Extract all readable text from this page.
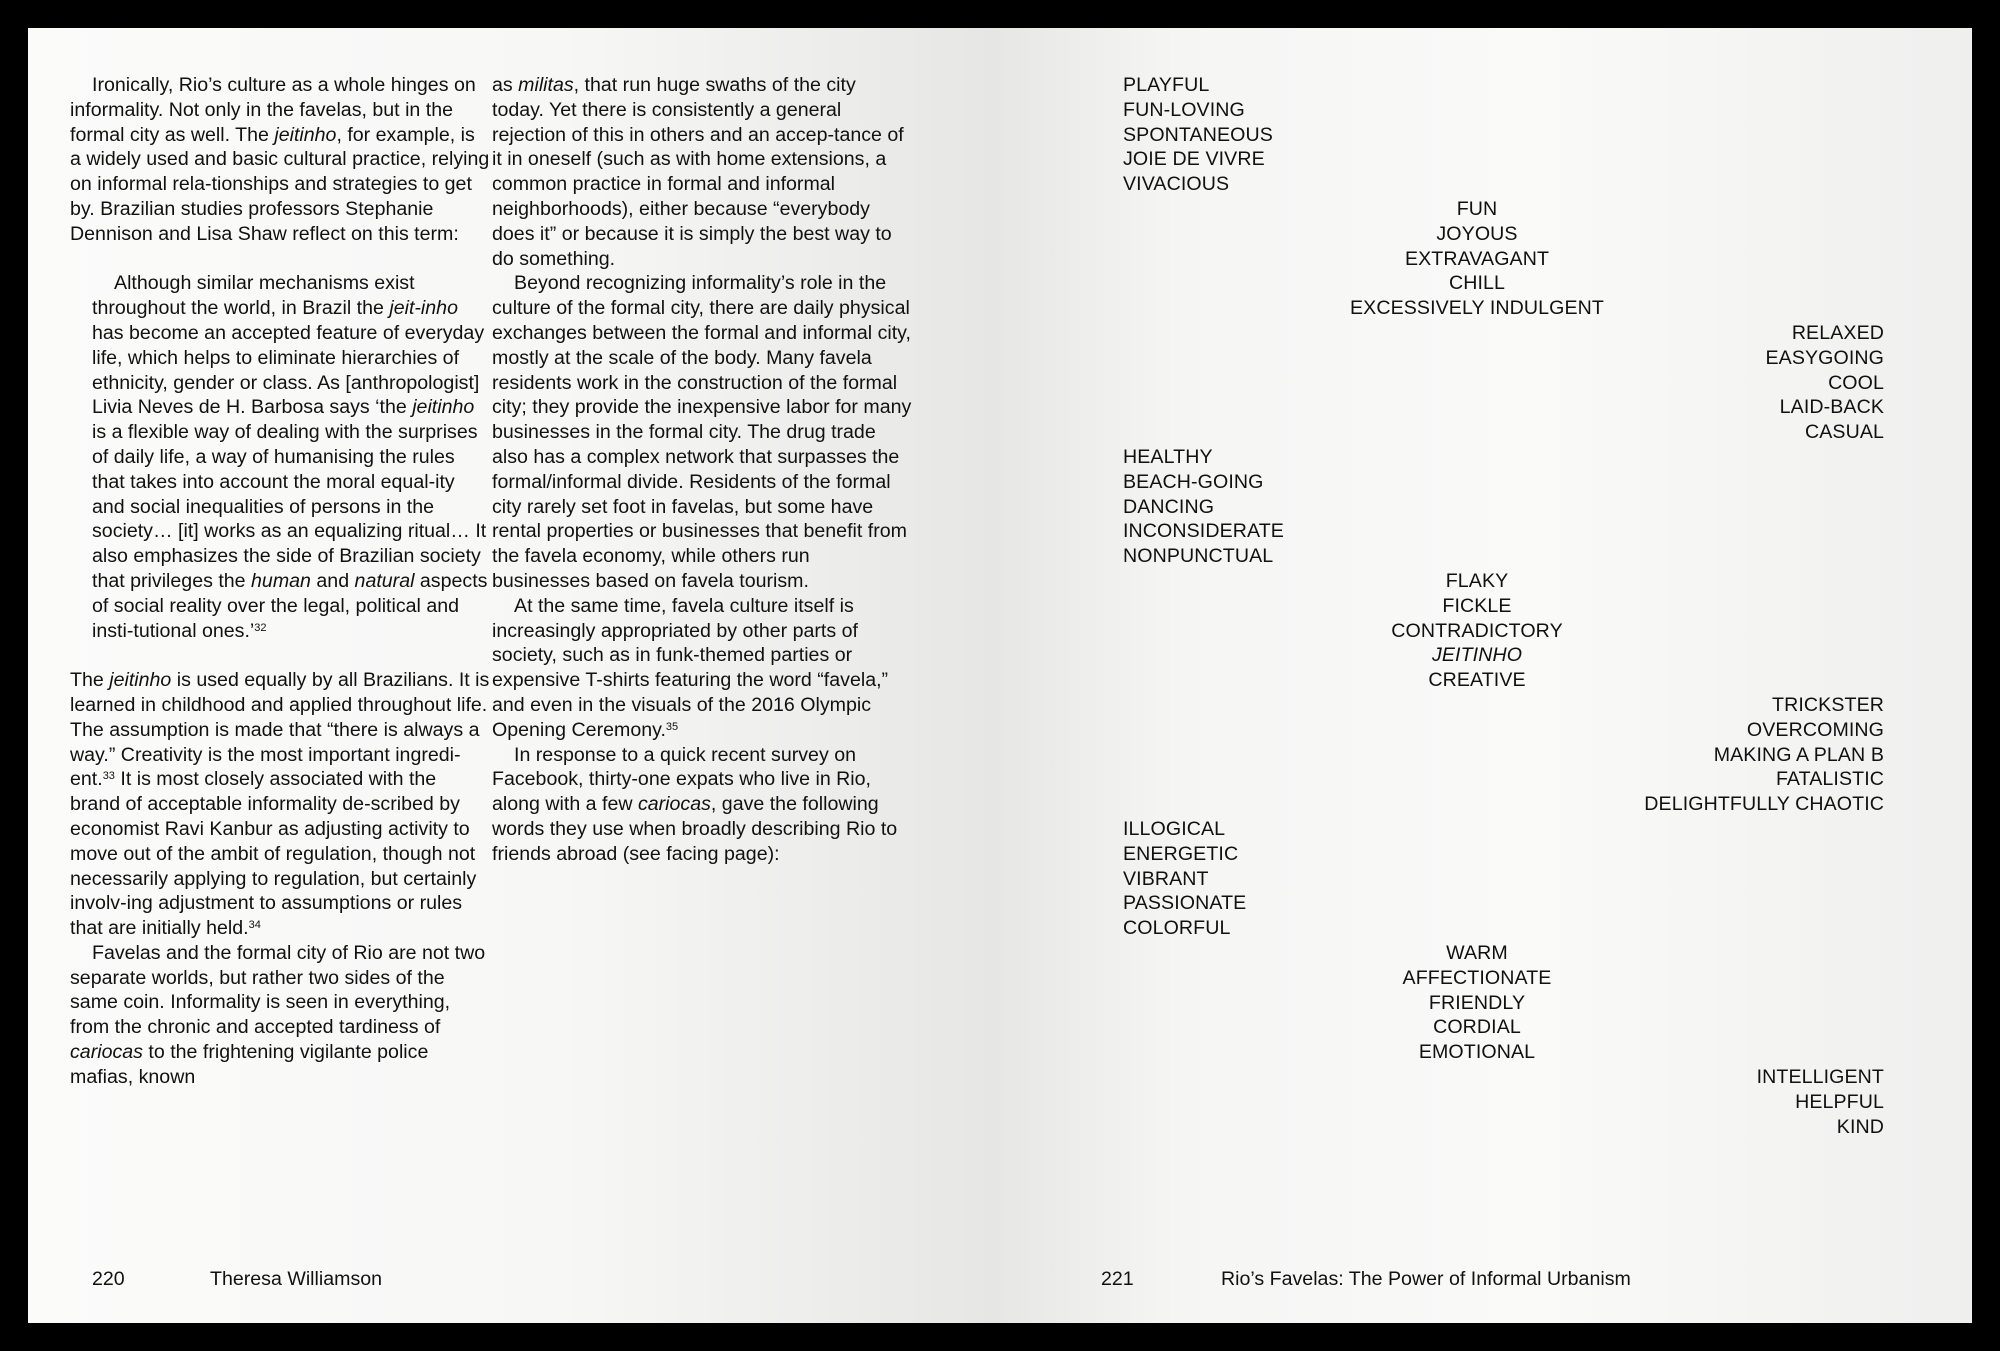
Ironically, Rio’s culture as a whole hinges on informality. Not only in the favelas, but in the formal city as well. The jeitinho, for example, is a widely used and basic cultural practice, relying on informal rela-tionships and strategies to get by. Brazilian studies professors Stephanie Dennison and Lisa Shaw reflect on this term:

Although similar mechanisms exist throughout the world, in Brazil the jeit-inho has become an accepted feature of everyday life, which helps to eliminate hierarchies of ethnicity, gender or class. As [anthropologist] Livia Neves de H. Barbosa says ‘the jeitinho is a flexible way of dealing with the surprises of daily life, a way of humanising the rules that takes into account the moral equal-ity and social inequalities of persons in the society… [it] works as an equalizing ritual… It also emphasizes the side of Brazilian society that privileges the human and natural aspects of social reality over the legal, political and insti-tutional ones.’$^{32}$

The jeitinho is used equally by all Brazilians. It is learned in childhood and applied throughout life. The assumption is made that “there is always a way.” Creativity is the most important ingredi-ent.$^{33}$ It is most closely associated with the brand of acceptable informality de-scribed by economist Ravi Kanbur as adjusting activity to move out of the ambit of regulation, though not necessarily applying to regulation, but certainly involv-ing adjustment to assumptions or rules that are initially held.$^{34}$

Favelas and the formal city of Rio are not two separate worlds, but rather two sides of the same coin. Informality is seen in everything, from the chronic and accepted tardiness of cariocas to the frightening vigilante police mafias, known

as militas, that run huge swaths of the city today. Yet there is consistently a general rejection of this in others and an accep-tance of it in oneself (such as with home extensions, a common practice in formal and informal neighborhoods), either because “everybody does it” or because it is simply the best way to do something.

Beyond recognizing informality’s role in the culture of the formal city, there are daily physical exchanges between the formal and informal city, mostly at the scale of the body. Many favela residents work in the construction of the formal city; they provide the inexpensive labor for many businesses in the formal city. The drug trade also has a complex network that surpasses the formal/informal divide. Residents of the formal city rarely set foot in favelas, but some have rental properties or businesses that benefit from the favela economy, while others run businesses based on favela tourism.

At the same time, favela culture itself is increasingly appropriated by other parts of society, such as in funk-themed parties or expensive T-shirts featuring the word “favela,” and even in the visuals of the 2016 Olympic Opening Ceremony.$^{35}$

In response to a quick recent survey on Facebook, thirty-one expats who live in Rio, along with a few cariocas, gave the following words they use when broadly describing Rio to friends abroad (see facing page):

220	Theresa Williamson
PLAYFUL
FUN-LOVING
SPONTANEOUS
JOIE DE VIVRE
VIVACIOUS
FUN
JOYOUS
EXTRAVAGANT
CHILL
EXCESSIVELY INDULGENT
RELAXED
EASYGOING
COOL
LAID-BACK
CASUAL
HEALTHY
BEACH-GOING
DANCING
INCONSIDERATE
NONPUNCTUAL
FLAKY
FICKLE
CONTRADICTORY
JEITINHO
CREATIVE
TRICKSTER
OVERCOMING
MAKING A PLAN B
FATALISTIC
DELIGHTFULLY CHAOTIC
ILLOGICAL
ENERGETIC
VIBRANT
PASSIONATE
COLORFUL
WARM
AFFECTIONATE
FRIENDLY
CORDIAL
EMOTIONAL
INTELLIGENT
HELPFUL
KIND
221	Rio’s Favelas: The Power of Informal Urbanism
